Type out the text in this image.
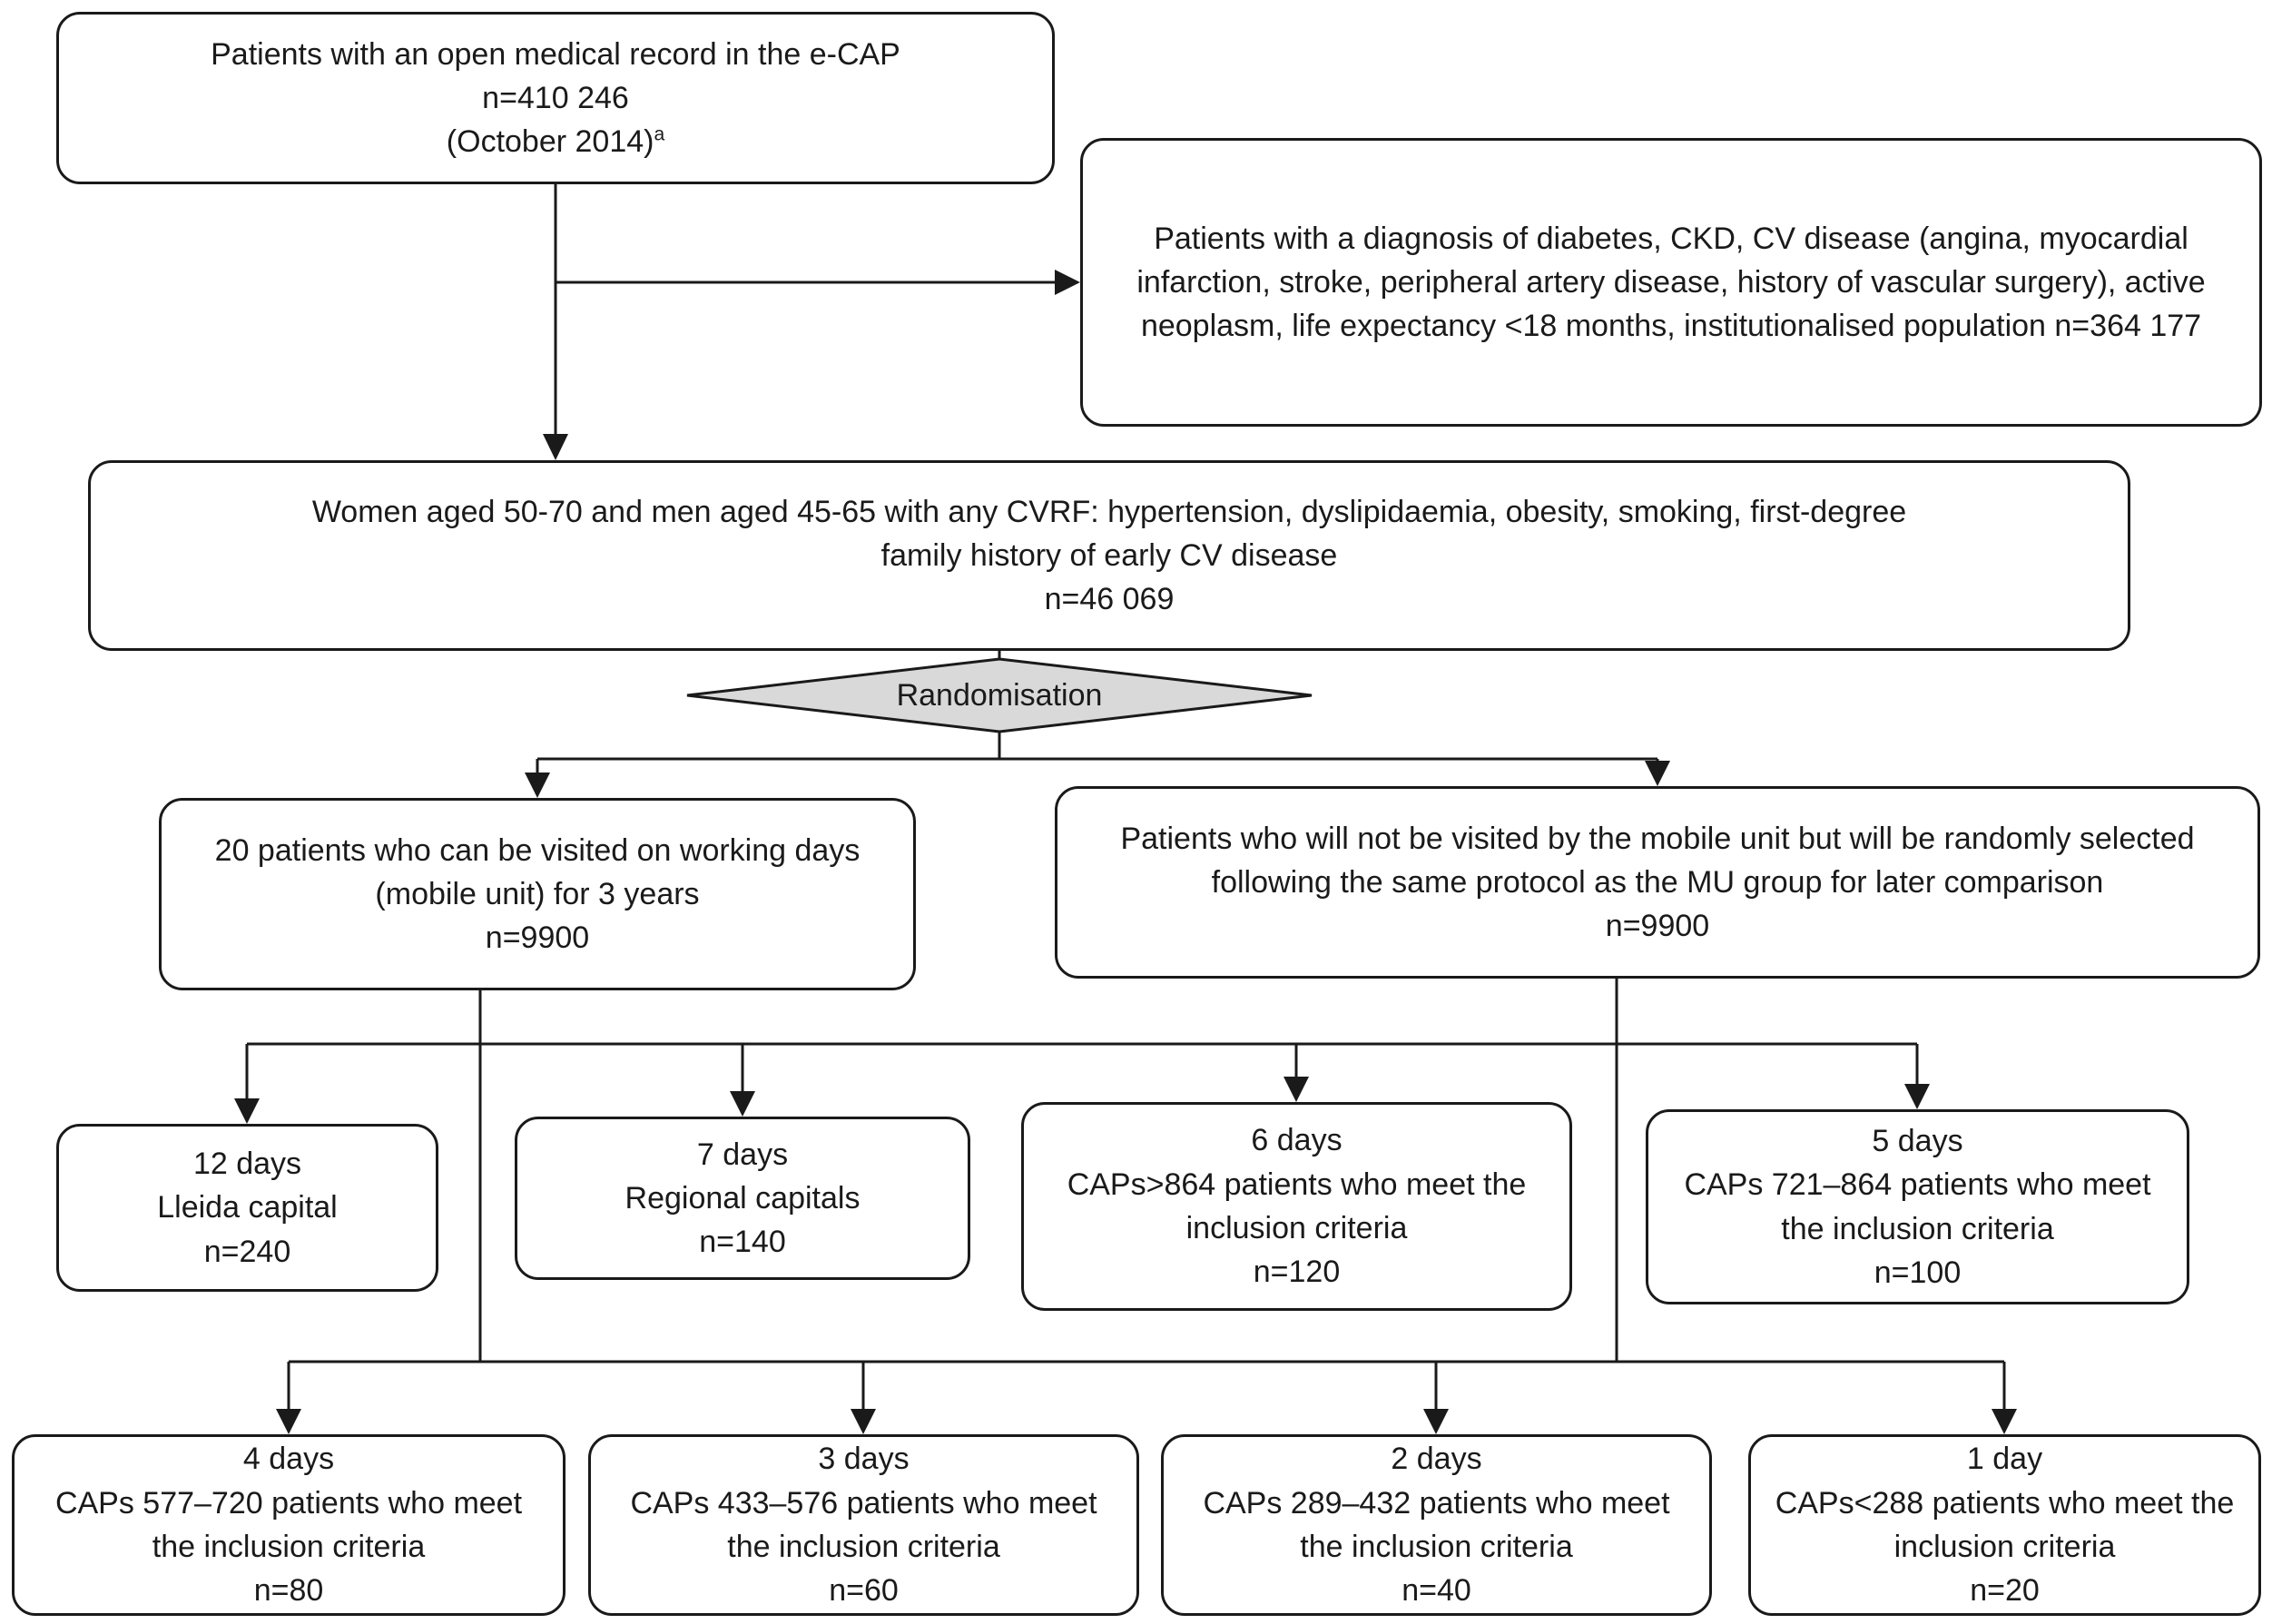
Patients with an open medical record in the e-CAP
n=410 246
(October 2014)$^a$
Patients with a diagnosis of diabetes, CKD, CV disease (angina, myocardial infarction, stroke, peripheral artery disease, history of vascular surgery), active neoplasm, life expectancy <18 months, institutionalised population n=364 177
Women aged 50-70 and men aged 45-65 with any CVRF: hypertension, dyslipidaemia, obesity, smoking, first-degree family history of early CV disease
n=46 069
Randomisation
20 patients who can be visited on working days (mobile unit) for 3 years
n=9900
Patients who will not be visited by the mobile unit but will be randomly selected following the same protocol as the MU group for later comparison
n=9900
12 days
Lleida capital
n=240
7 days
Regional capitals
n=140
6 days
CAPs>864 patients who meet the inclusion criteria
n=120
5 days
CAPs 721–864 patients who meet the inclusion criteria
n=100
4 days
CAPs 577–720 patients who meet the inclusion criteria
n=80
3 days
CAPs 433–576 patients who meet the inclusion criteria
n=60
2 days
CAPs 289–432 patients who meet the inclusion criteria
n=40
1 day
CAPs<288 patients who meet the inclusion criteria
n=20
